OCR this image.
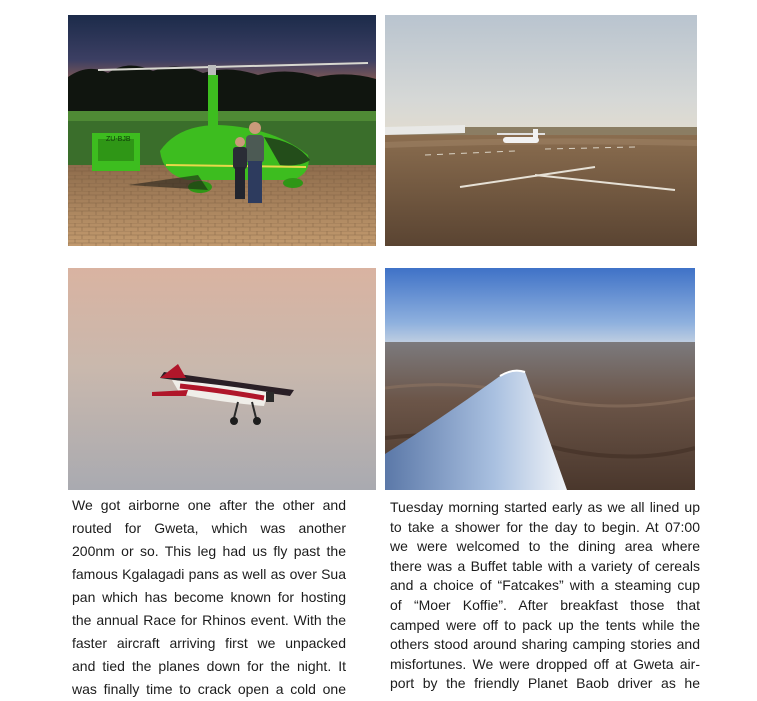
ZU-BJB
We got airborne one after the other and
routed for Gweta, which was another
200nm or so. This leg had us fly past the
famous Kgalagadi pans as well as over Sua
pan which has become known for hosting
the annual Race for Rhinos event. With the
faster aircraft arriving first we unpacked
and tied the planes down for the night. It
was finally time to crack open a cold one
Tuesday morning started early as we all lined up
to take a shower for the day to begin. At 07:00
we were welcomed to the dining area where
there was a Buffet table with a variety of cereals
and a choice of “Fatcakes” with a steaming cup
of “Moer Koffie”. After breakfast those that
camped were off to pack up the tents while the
others stood around sharing camping stories and
misfortunes. We were dropped off at Gweta air-
port by the friendly Planet Baob driver as he
